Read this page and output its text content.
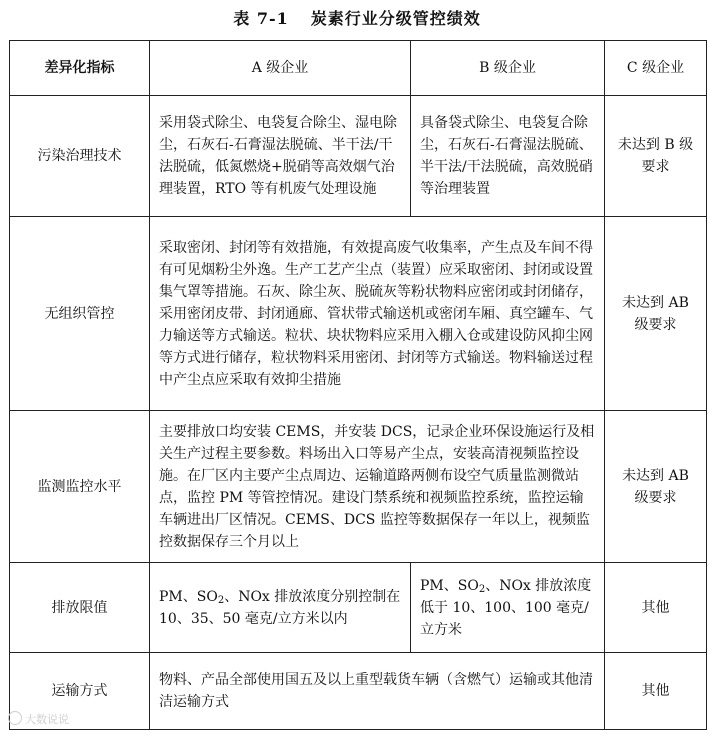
表 7-1 炭素行业分级管控绩效
差异化指标	A 级企业	B 级企业	C 级企业
污染治理技术	采用袋式除尘、电袋复合除尘、湿电除尘，石灰石-石膏湿法脱硫、半干法/干法脱硫，低氮燃烧+脱硝等高效烟气治理装置，RTO 等有机废气处理设施	具备袋式除尘、电袋复合除尘，石灰石-石膏湿法脱硫、半干法/干法脱硫，高效脱硝等治理装置	未达到 B 级要求
无组织管控	采取密闭、封闭等有效措施，有效提高废气收集率，产生点及车间不得有可见烟粉尘外逸。生产工艺产尘点（装置）应采取密闭、封闭或设置集气罩等措施。石灰、除尘灰、脱硫灰等粉状物料应密闭或封闭储存，采用密闭皮带、封闭通廊、管状带式输送机或密闭车厢、真空罐车、气力输送等方式输送。粒状、块状物料应采用入棚入仓或建设防风抑尘网等方式进行储存，粒状物料采用密闭、封闭等方式输送。物料输送过程中产尘点应采取有效抑尘措施		未达到 AB 级要求
监测监控水平	主要排放口均安装 CEMS，并安装 DCS，记录企业环保设施运行及相关生产过程主要参数。料场出入口等易产尘点，安装高清视频监控设施。在厂区内主要产尘点周边、运输道路两侧布设空气质量监测微站点，监控 PM 等管控情况。建设门禁系统和视频监控系统，监控运输车辆进出厂区情况。CEMS、DCS 监控等数据保存一年以上，视频监控数据保存三个月以上		未达到 AB 级要求
排放限值	PM、$SO_2$、NOx 排放浓度分别控制在 10、35、50 毫克/立方米以内	PM、$SO_2$、NOx 排放浓度低于 10、100、100 毫克/立方米	其他
运输方式	物料、产品全部使用国五及以上重型载货车辆（含燃气）运输或其他清洁运输方式		其他
大数说说
